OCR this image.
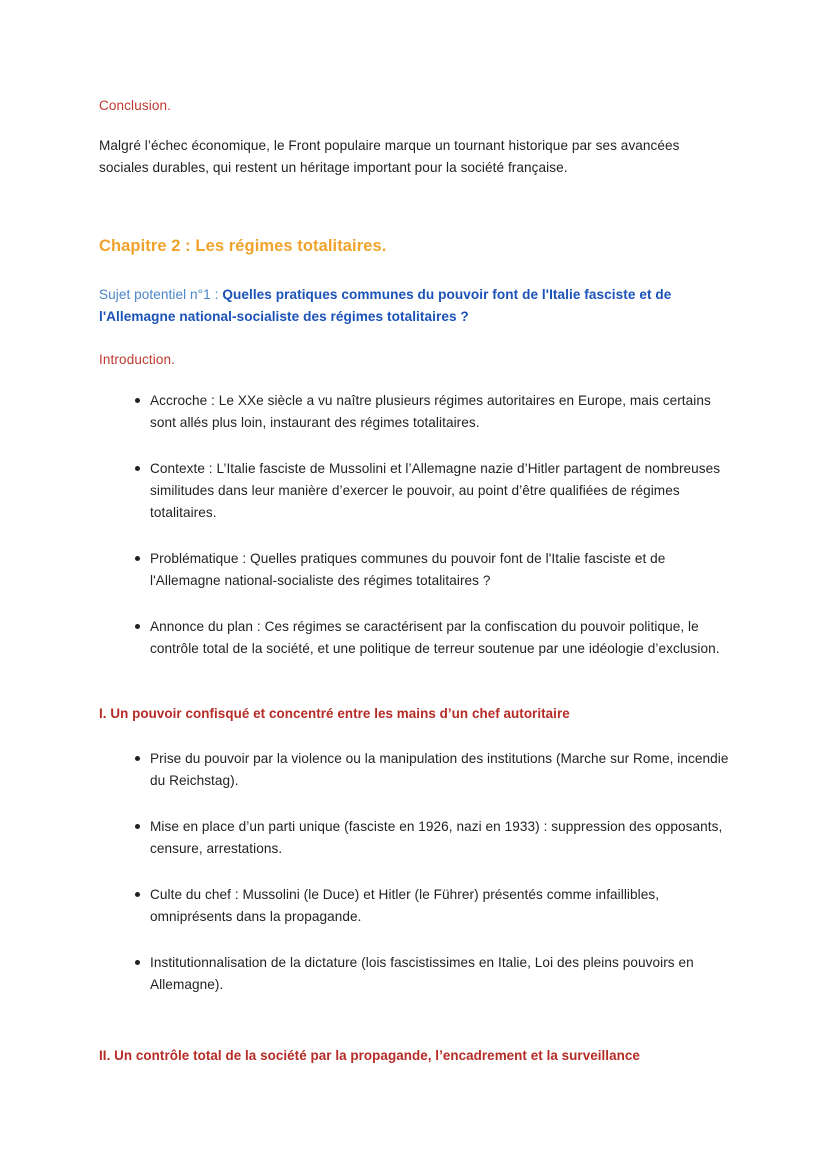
Conclusion.

Malgré l’échec économique, le Front populaire marque un tournant historique par ses avancées sociales durables, qui restent un héritage important pour la société française.

Chapitre 2 : Les régimes totalitaires.

Sujet potentiel n°1 : Quelles pratiques communes du pouvoir font de l'Italie fasciste et de l'Allemagne national-socialiste des régimes totalitaires ?

Introduction.

Accroche : Le XXe siècle a vu naître plusieurs régimes autoritaires en Europe, mais certains sont allés plus loin, instaurant des régimes totalitaires.
Contexte : L’Italie fasciste de Mussolini et l’Allemagne nazie d’Hitler partagent de nombreuses similitudes dans leur manière d’exercer le pouvoir, au point d’être qualifiées de régimes totalitaires.
Problématique : Quelles pratiques communes du pouvoir font de l'Italie fasciste et de l'Allemagne national-socialiste des régimes totalitaires ?
Annonce du plan : Ces régimes se caractérisent par la confiscation du pouvoir politique, le contrôle total de la société, et une politique de terreur soutenue par une idéologie d’exclusion.
I. Un pouvoir confisqué et concentré entre les mains d’un chef autoritaire
Prise du pouvoir par la violence ou la manipulation des institutions (Marche sur Rome, incendie du Reichstag).
Mise en place d’un parti unique (fasciste en 1926, nazi en 1933) : suppression des opposants, censure, arrestations.
Culte du chef : Mussolini (le Duce) et Hitler (le Führer) présentés comme infaillibles, omniprésents dans la propagande.
Institutionnalisation de la dictature (lois fascistissimes en Italie, Loi des pleins pouvoirs en Allemagne).
II. Un contrôle total de la société par la propagande, l’encadrement et la surveillance
